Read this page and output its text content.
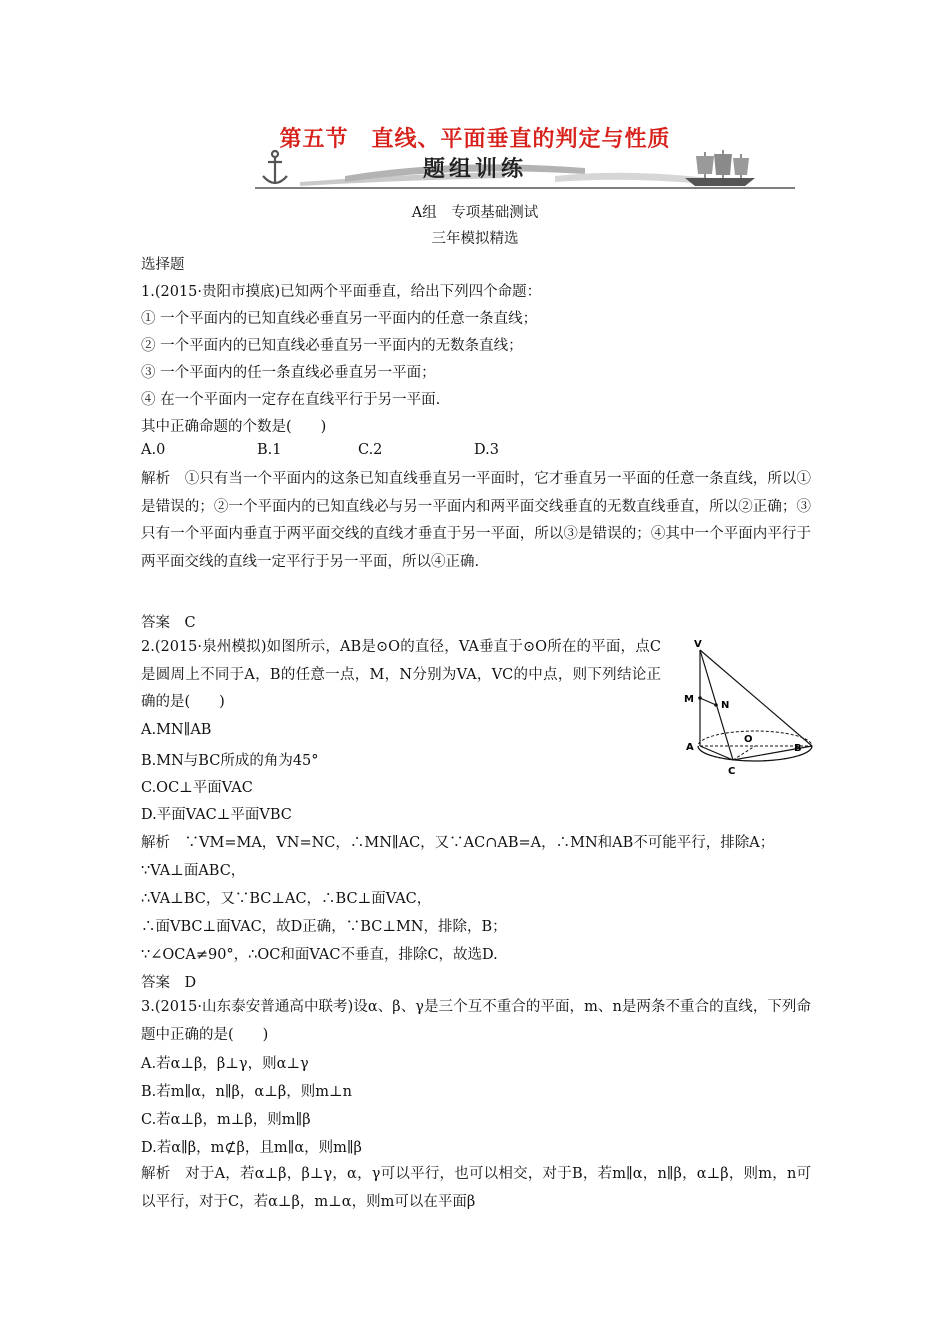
第五节　直线、平面垂直的判定与性质
题组训练
A组　专项基础测试
三年模拟精选
选择题
1.(2015·贵阳市摸底)已知两个平面垂直，给出下列四个命题：
① 一个平面内的已知直线必垂直另一平面内的任意一条直线；
② 一个平面内的已知直线必垂直另一平面内的无数条直线；
③ 一个平面内的任一条直线必垂直另一平面；
④ 在一个平面内一定存在直线平行于另一平面.
其中正确命题的个数是(　　)
A.0	B.1	C.2	D.3
解析　①只有当一个平面内的这条已知直线垂直另一平面时，它才垂直另一平面的任意一条直线，所以①是错误的；②一个平面内的已知直线必与另一平面内和两平面交线垂直的无数直线垂直，所以②正确；③只有一个平面内垂直于两平面交线的直线才垂直于另一平面，所以③是错误的；④其中一个平面内平行于两平面交线的直线一定平行于另一平面，所以④正确.
答案　C
2.(2015·泉州模拟)如图所示，AB是⊙O的直径，VA垂直于⊙O所在的平面，点C是圆周上不同于A，B的任意一点，M，N分别为VA，VC的中点，则下列结论正确的是(　　)
A.MN∥AB
B.MN与BC所成的角为45°
C.OC⊥平面VAC
D.平面VAC⊥平面VBC
解析　∵VM=MA，VN=NC，∴MN∥AC，又∵AC∩AB=A，∴MN和AB不可能平行，排除A；
∵VA⊥面ABC，
∴VA⊥BC，又∵BC⊥AC，∴BC⊥面VAC，
∴面VBC⊥面VAC，故D正确，∵BC⊥MN，排除，B；
∵∠OCA≠90°，∴OC和面VAC不垂直，排除C，故选D.
答案　D
V
M
N
A
O
B
C
3.(2015·山东泰安普通高中联考)设α、β、γ是三个互不重合的平面，m、n是两条不重合的直线，下列命题中正确的是(　　)
A.若α⊥β，β⊥γ，则α⊥γ
B.若m∥α，n∥β，α⊥β，则m⊥n
C.若α⊥β，m⊥β，则m∥β
D.若α∥β，m⊄β，且m∥α，则m∥β
解析　对于A，若α⊥β，β⊥γ，α，γ可以平行，也可以相交，对于B，若m∥α，n∥β，α⊥β，则m，n可以平行，对于C，若α⊥β，m⊥α，则m可以在平面β
